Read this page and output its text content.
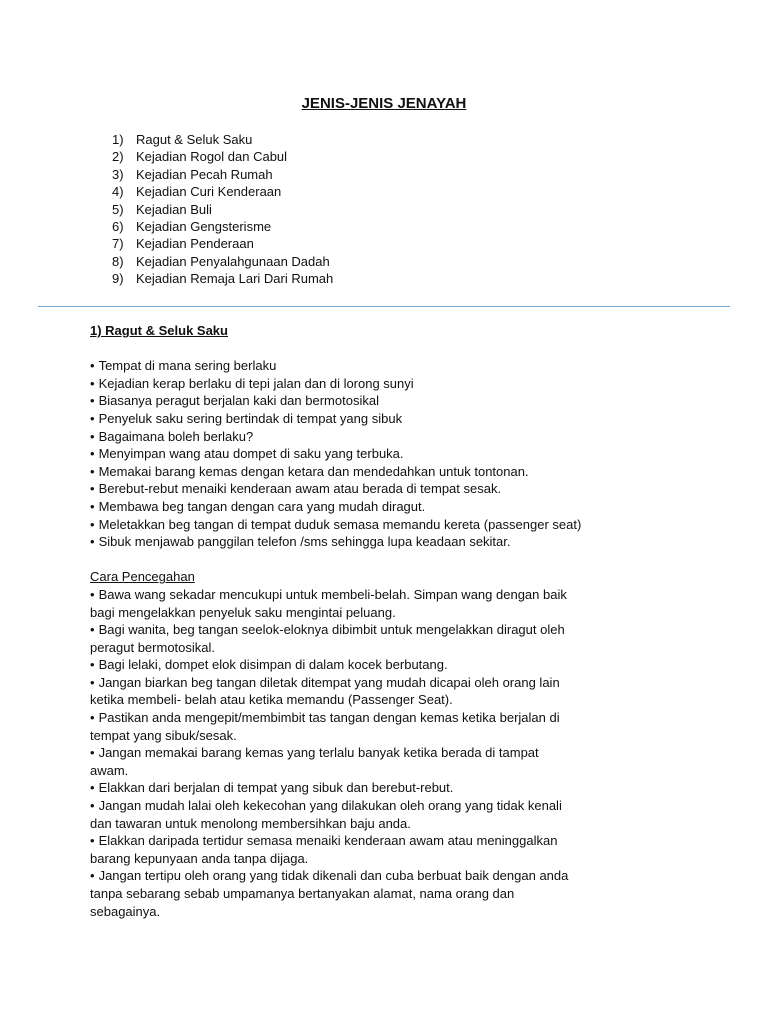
JENIS-JENIS JENAYAH
1) Ragut & Seluk Saku
2) Kejadian Rogol dan Cabul
3) Kejadian Pecah Rumah
4) Kejadian Curi Kenderaan
5) Kejadian Buli
6) Kejadian Gengsterisme
7) Kejadian Penderaan
8) Kejadian Penyalahgunaan Dadah
9) Kejadian Remaja Lari Dari Rumah
1) Ragut & Seluk Saku
• Tempat di mana sering berlaku
• Kejadian kerap berlaku di tepi jalan dan di lorong sunyi
• Biasanya peragut berjalan kaki dan bermotosikal
• Penyeluk saku sering bertindak di tempat yang sibuk
• Bagaimana boleh berlaku?
• Menyimpan wang atau dompet di saku yang terbuka.
• Memakai barang kemas dengan ketara dan mendedahkan untuk tontonan.
• Berebut-rebut menaiki kenderaan awam atau berada di tempat sesak.
• Membawa beg tangan dengan cara yang mudah diragut.
• Meletakkan beg tangan di tempat duduk semasa memandu kereta (passenger seat)
• Sibuk menjawab panggilan telefon /sms sehingga lupa keadaan sekitar.
Cara Pencegahan
• Bawa wang sekadar mencukupi untuk membeli-belah. Simpan wang dengan baik bagi mengelakkan penyeluk saku mengintai peluang.
• Bagi wanita, beg tangan seelok-eloknya dibimbit untuk mengelakkan diragut oleh peragut bermotosikal.
• Bagi lelaki, dompet elok disimpan di dalam kocek berbutang.
• Jangan biarkan beg tangan diletak ditempat yang mudah dicapai oleh orang lain ketika membeli- belah atau ketika memandu (Passenger Seat).
• Pastikan anda mengepit/membimbit tas tangan dengan kemas ketika berjalan di tempat yang sibuk/sesak.
• Jangan memakai barang kemas yang terlalu banyak ketika berada di tampat awam.
• Elakkan dari berjalan di tempat yang sibuk dan berebut-rebut.
• Jangan mudah lalai oleh kekecohan yang dilakukan oleh orang yang tidak kenali dan tawaran untuk menolong membersihkan baju anda.
• Elakkan daripada tertidur semasa menaiki kenderaan awam atau meninggalkan barang kepunyaan anda tanpa dijaga.
• Jangan tertipu oleh orang yang tidak dikenali dan cuba berbuat baik dengan anda tanpa sebarang sebab umpamanya bertanyakan alamat, nama orang dan sebagainya.
